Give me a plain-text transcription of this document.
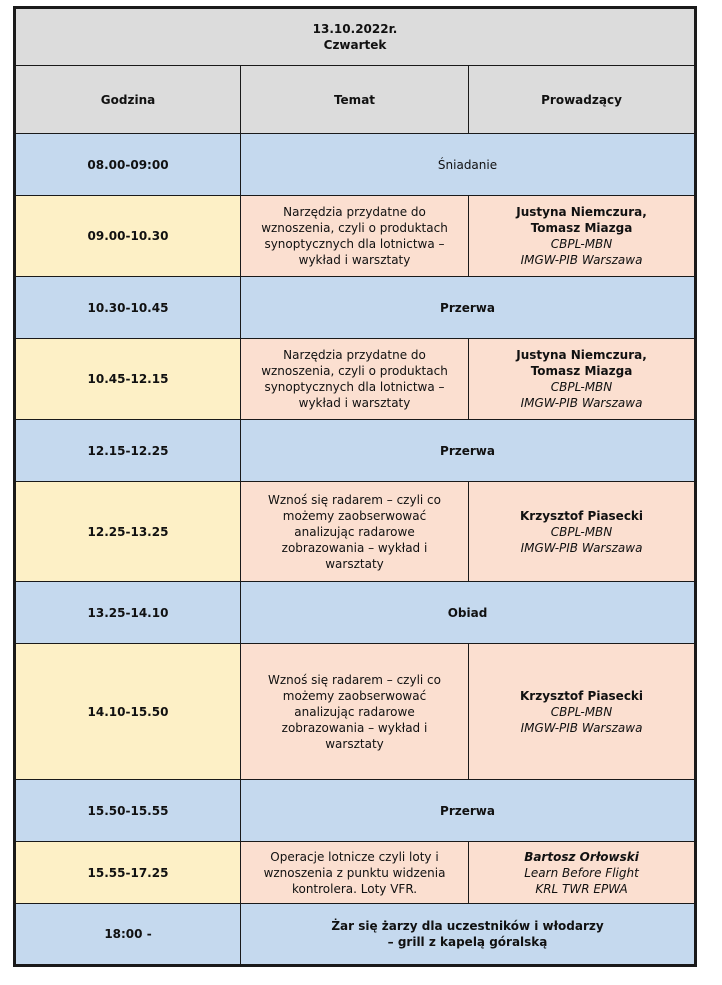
13.10.2022r.
Czwartek		

Godzina	Temat	Prowadzący
08.00-09:00	Śniadanie	
09.00-10.30	Narzędzia przydatne do
wznoszenia, czyli o produktach
synoptycznych dla lotnictwa –
wykład i warsztaty	Justyna Niemczura,
Tomasz Miazga
CBPL-MBN
IMGW-PIB Warszawa

10.30-10.45	Przerwa	
10.45-12.15	Narzędzia przydatne do
wznoszenia, czyli o produktach
synoptycznych dla lotnictwa –
wykład i warsztaty	Justyna Niemczura,
Tomasz Miazga
CBPL-MBN
IMGW-PIB Warszawa

12.15-12.25	Przerwa	
12.25-13.25	Wznoś się radarem – czyli co
możemy zaobserwować
analizując radarowe
zobrazowania – wykład i
warsztaty	Krzysztof Piasecki
CBPL-MBN
IMGW-PIB Warszawa

13.25-14.10	Obiad	
14.10-15.50	Wznoś się radarem – czyli co
możemy zaobserwować
analizując radarowe
zobrazowania – wykład i
warsztaty	Krzysztof Piasecki
CBPL-MBN
IMGW-PIB Warszawa

15.50-15.55	Przerwa	
15.55-17.25	Operacje lotnicze czyli loty i
wznoszenia z punktu widzenia
kontrolera. Loty VFR.	Bartosz Orłowski
Learn Before Flight
KRL TWR EPWA

18:00 -	Żar się żarzy dla uczestników i włodarzy
– grill z kapelą góralską	
